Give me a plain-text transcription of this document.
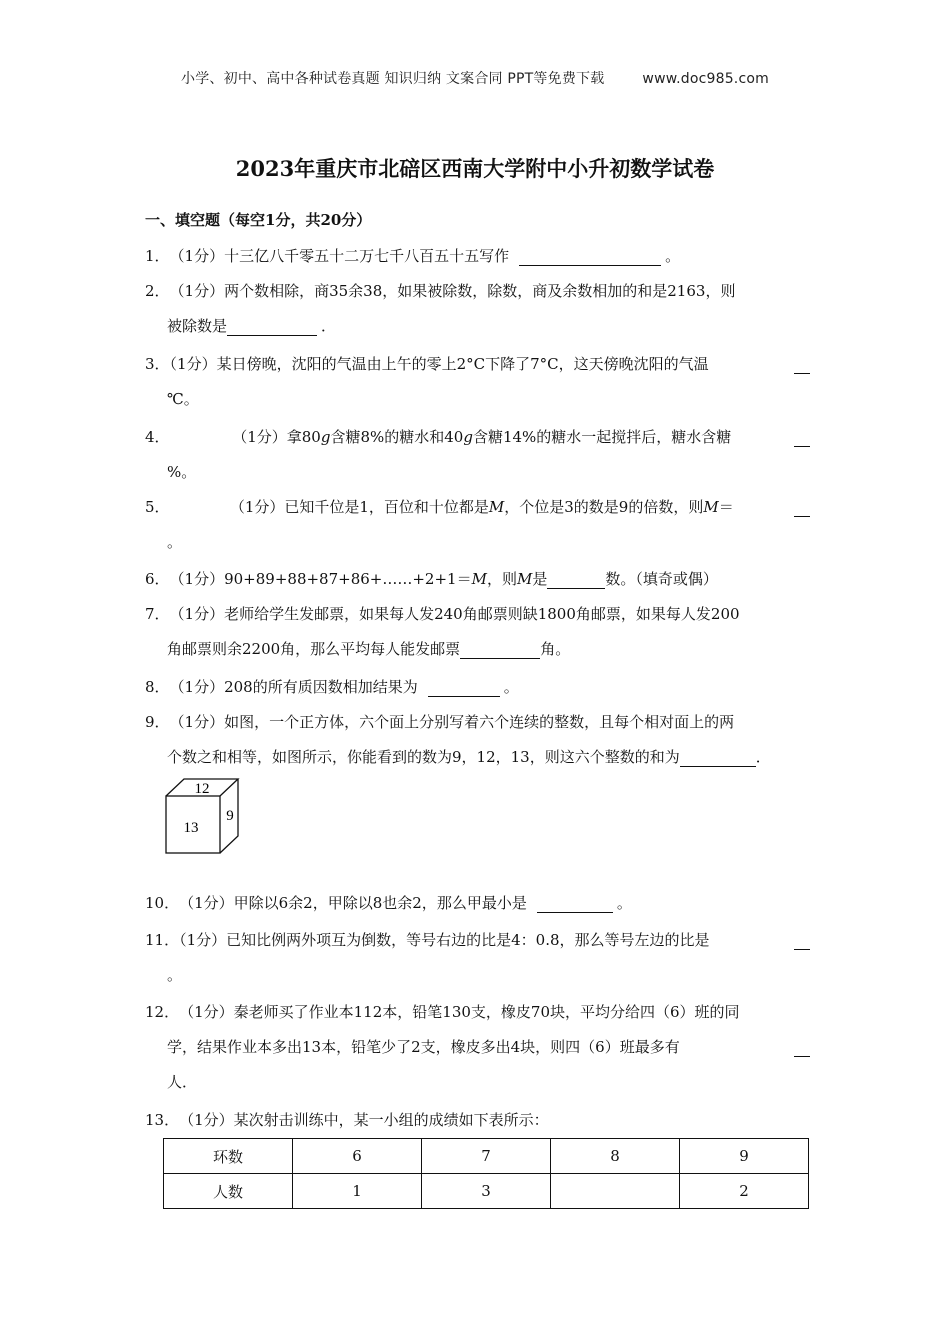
小学、初中、高中各种试卷真题 知识归纳 文案合同 PPT等免费下载	www.doc985.com
2023年重庆市北碚区西南大学附中小升初数学试卷
一、填空题（每空1分，共20分）
1． （1分）十三亿八千零五十二万七千八百五十五写作	。
2． （1分）两个数相除，商35余38，如果被除数，除数，商及余数相加的和是2163，则
被除数是	．
3．（1分）某日傍晚，沈阳的气温由上午的零上2°C下降了7°C，这天傍晚沈阳的气温
℃。
4．	（1分）拿80g含糖8%的糖水和40g含糖14%的糖水一起搅拌后，糖水含糖
%。
5．	（1分）已知千位是1，百位和十位都是M，个位是3的数是9的倍数，则M＝
。
6． （1分）90+89+88+87+86+……+2+1＝M，则M是	数。（填奇或偶）
7． （1分）老师给学生发邮票，如果每人发240角邮票则缺1800角邮票，如果每人发200
角邮票则余2200角，那么平均每人能发邮票	角。
8． （1分）208的所有质因数相加结果为	。
9． （1分）如图，一个正方体，六个面上分别写着六个连续的整数，且每个相对面上的两
个数之和相等，如图所示，你能看到的数为9，12，13，则这六个整数的和为	．
12
13
9
10． （1分）甲除以6余2，甲除以8也余2，那么甲最小是	。
11．（1分）已知比例两外项互为倒数，等号右边的比是4：0.8，那么等号左边的比是
。
12． （1分）秦老师买了作业本112本，铅笔130支，橡皮70块，平均分给四（6）班的同
学，结果作业本多出13本，铅笔少了2支，橡皮多出4块，则四（6）班最多有
人．
13． （1分）某次射击训练中，某一小组的成绩如下表所示：
环数	6	7	8	9
人数	1	3		2
